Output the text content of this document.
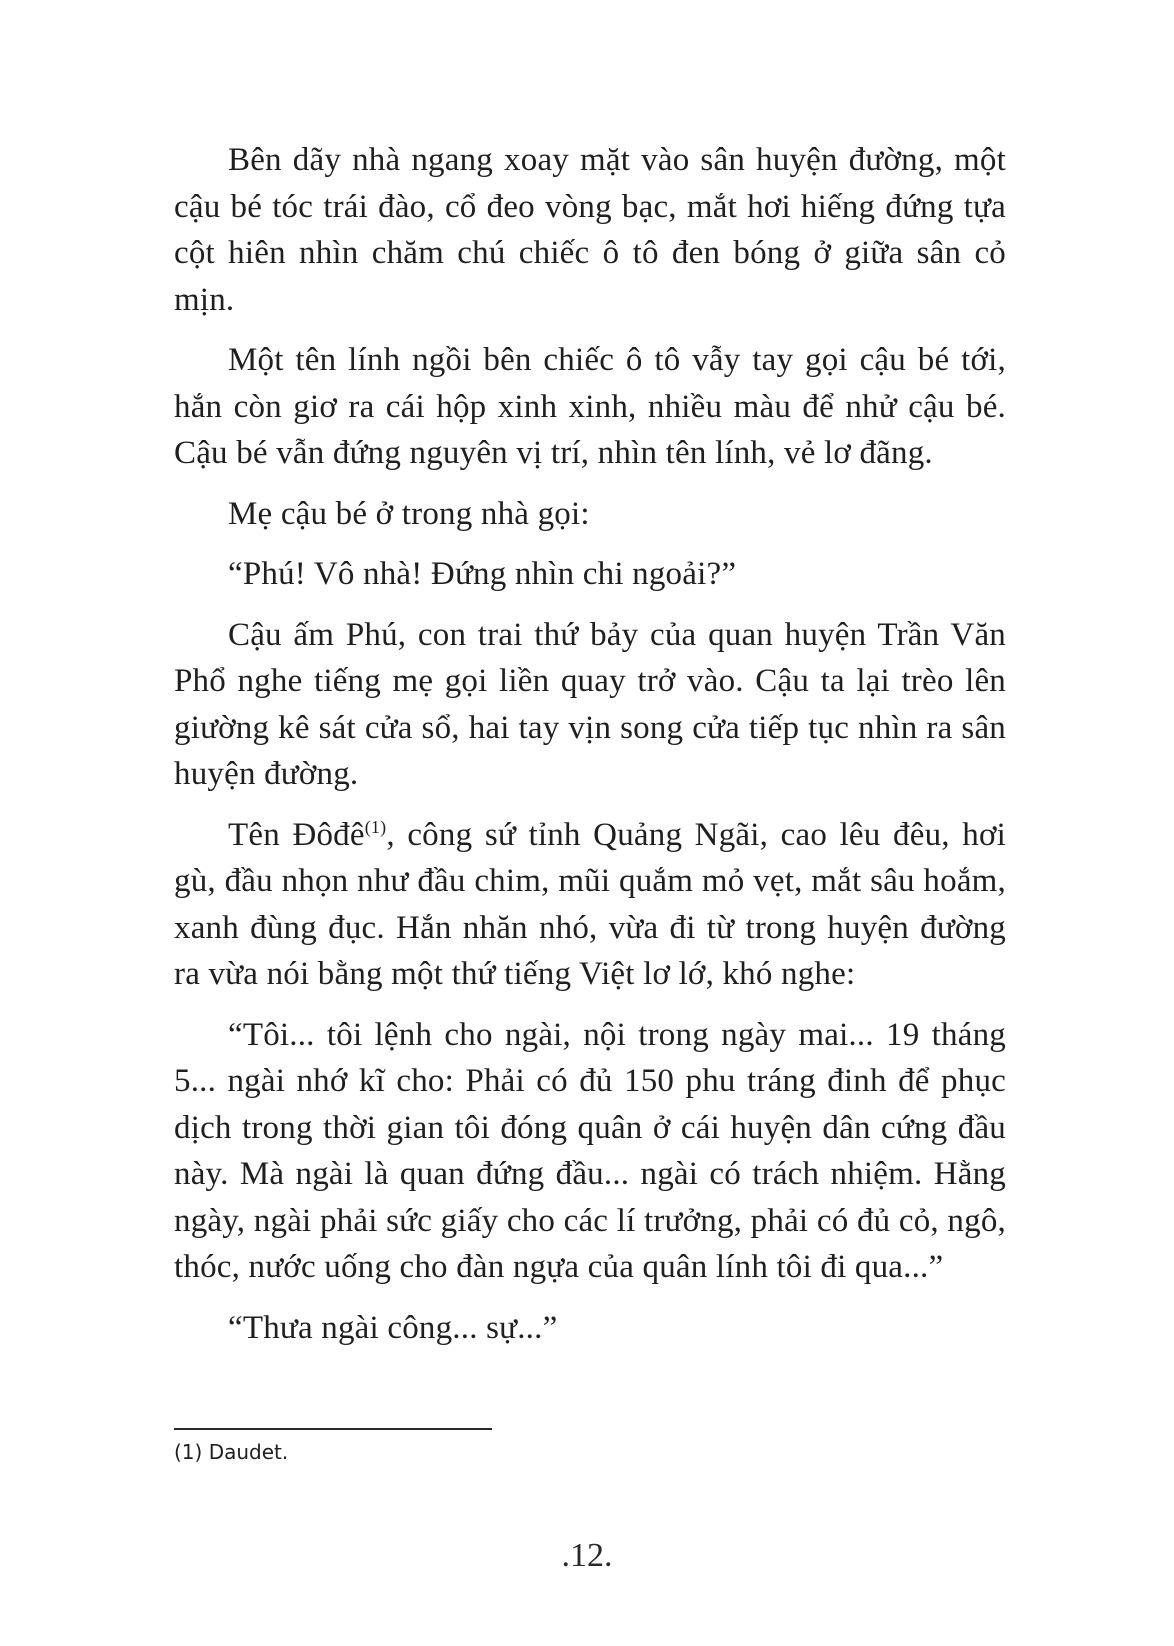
Bên dãy nhà ngang xoay mặt vào sân huyện đường, một cậu bé tóc trái đào, cổ đeo vòng bạc, mắt hơi hiếng đứng tựa cột hiên nhìn chăm chú chiếc ô tô đen bóng ở giữa sân cỏ mịn.

Một tên lính ngồi bên chiếc ô tô vẫy tay gọi cậu bé tới, hắn còn giơ ra cái hộp xinh xinh, nhiều màu để nhử cậu bé. Cậu bé vẫn đứng nguyên vị trí, nhìn tên lính, vẻ lơ đãng.

Mẹ cậu bé ở trong nhà gọi:

“Phú! Vô nhà! Đứng nhìn chi ngoải?”

Cậu ấm Phú, con trai thứ bảy của quan huyện Trần Văn Phổ nghe tiếng mẹ gọi liền quay trở vào. Cậu ta lại trèo lên giường kê sát cửa sổ, hai tay vịn song cửa tiếp tục nhìn ra sân huyện đường.

Tên Đôđê$^{(1)}$, công sứ tỉnh Quảng Ngãi, cao lêu đêu, hơi gù, đầu nhọn như đầu chim, mũi quắm mỏ vẹt, mắt sâu hoắm, xanh đùng đục. Hắn nhăn nhó, vừa đi từ trong huyện đường ra vừa nói bằng một thứ tiếng Việt lơ lớ, khó nghe:

“Tôi... tôi lệnh cho ngài, nội trong ngày mai... 19 tháng 5... ngài nhớ kĩ cho: Phải có đủ 150 phu tráng đinh để phục dịch trong thời gian tôi đóng quân ở cái huyện dân cứng đầu này. Mà ngài là quan đứng đầu... ngài có trách nhiệm. Hằng ngày, ngài phải sức giấy cho các lí trưởng, phải có đủ cỏ, ngô, thóc, nước uống cho đàn ngựa của quân lính tôi đi qua...”

“Thưa ngài công... sự...”

(1) Daudet.
.12.
